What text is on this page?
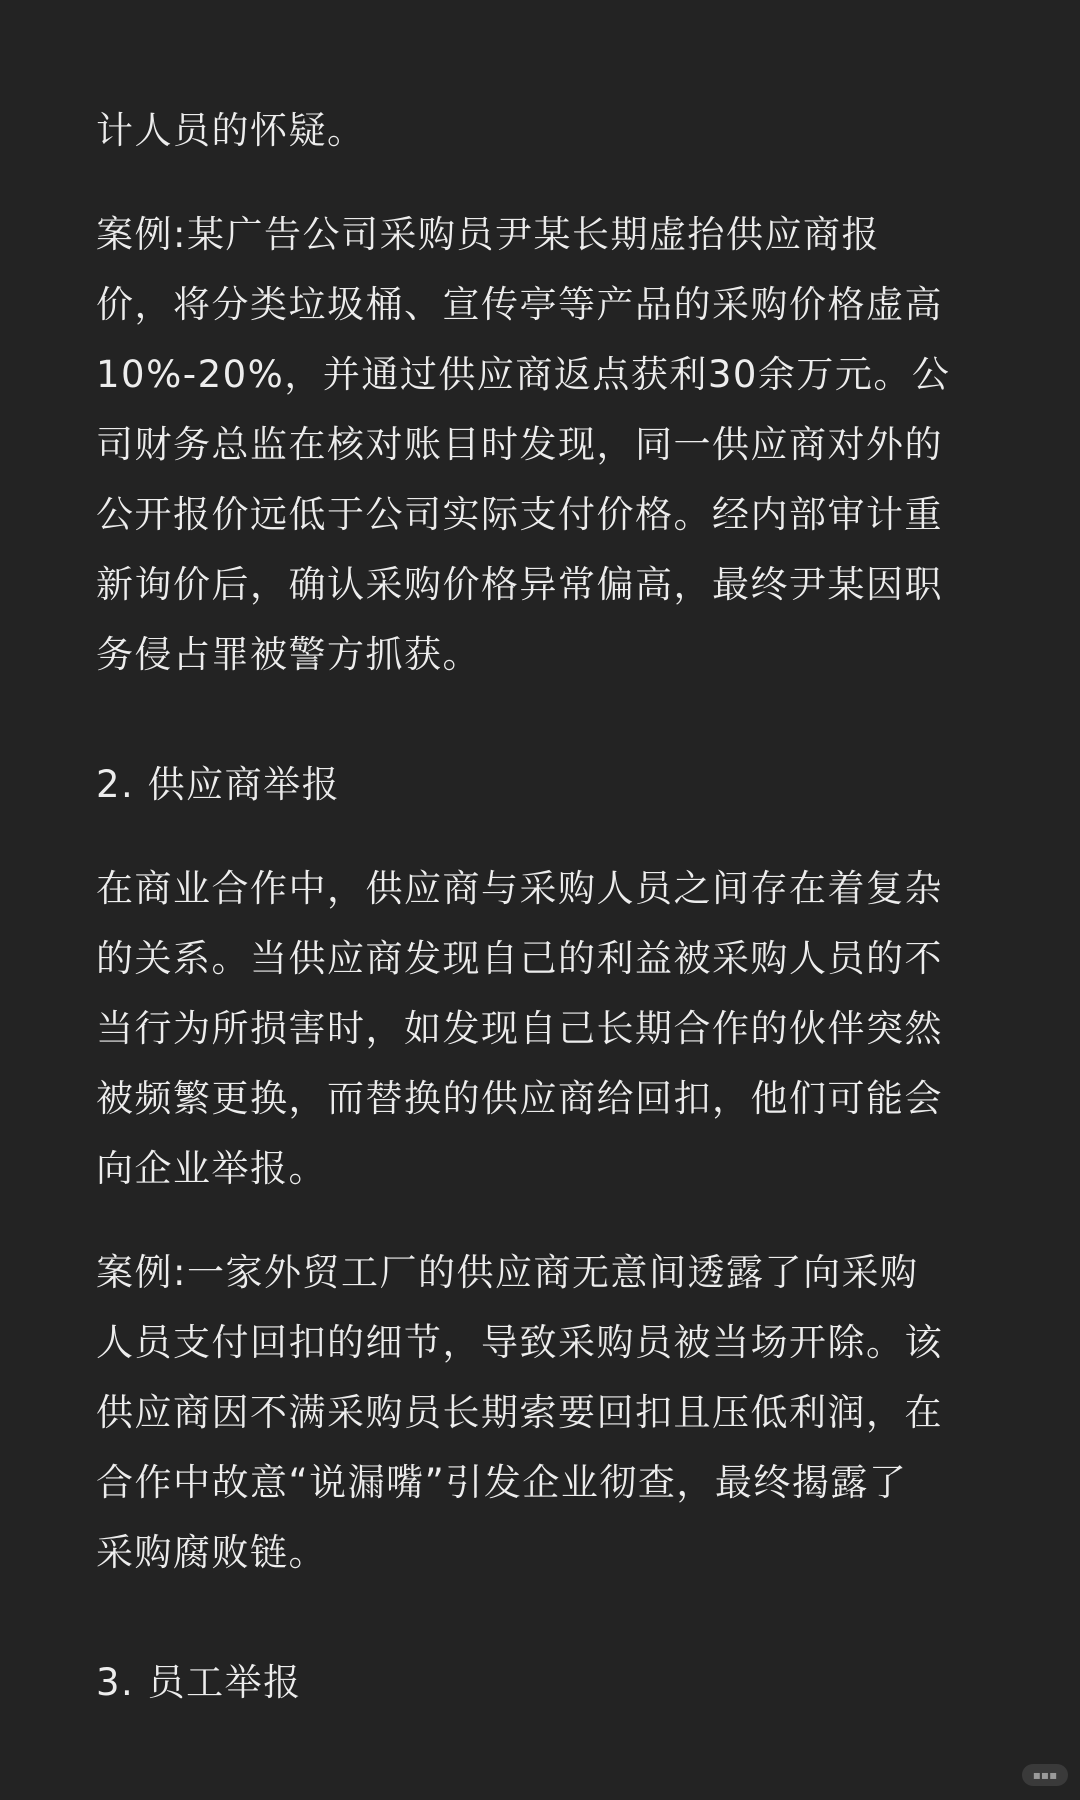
计人员的怀疑。
案例:某广告公司采购员尹某长期虚抬供应商报
价，将分类垃圾桶、宣传亭等产品的采购价格虚高
10%-20%，并通过供应商返点获利30余万元。公
司财务总监在核对账目时发现，同一供应商对外的
公开报价远低于公司实际支付价格。经内部审计重
新询价后，确认采购价格异常偏高，最终尹某因职
务侵占罪被警方抓获。
2. 供应商举报
在商业合作中，供应商与采购人员之间存在着复杂
的关系。当供应商发现自己的利益被采购人员的不
当行为所损害时，如发现自己长期合作的伙伴突然
被频繁更换，而替换的供应商给回扣，他们可能会
向企业举报。
案例:一家外贸工厂的供应商无意间透露了向采购
人员支付回扣的细节，导致采购员被当场开除。该
供应商因不满采购员长期索要回扣且压低利润，在
合作中故意“说漏嘴”引发企业彻查，最终揭露了
采购腐败链。
3. 员工举报
▪▪▪
